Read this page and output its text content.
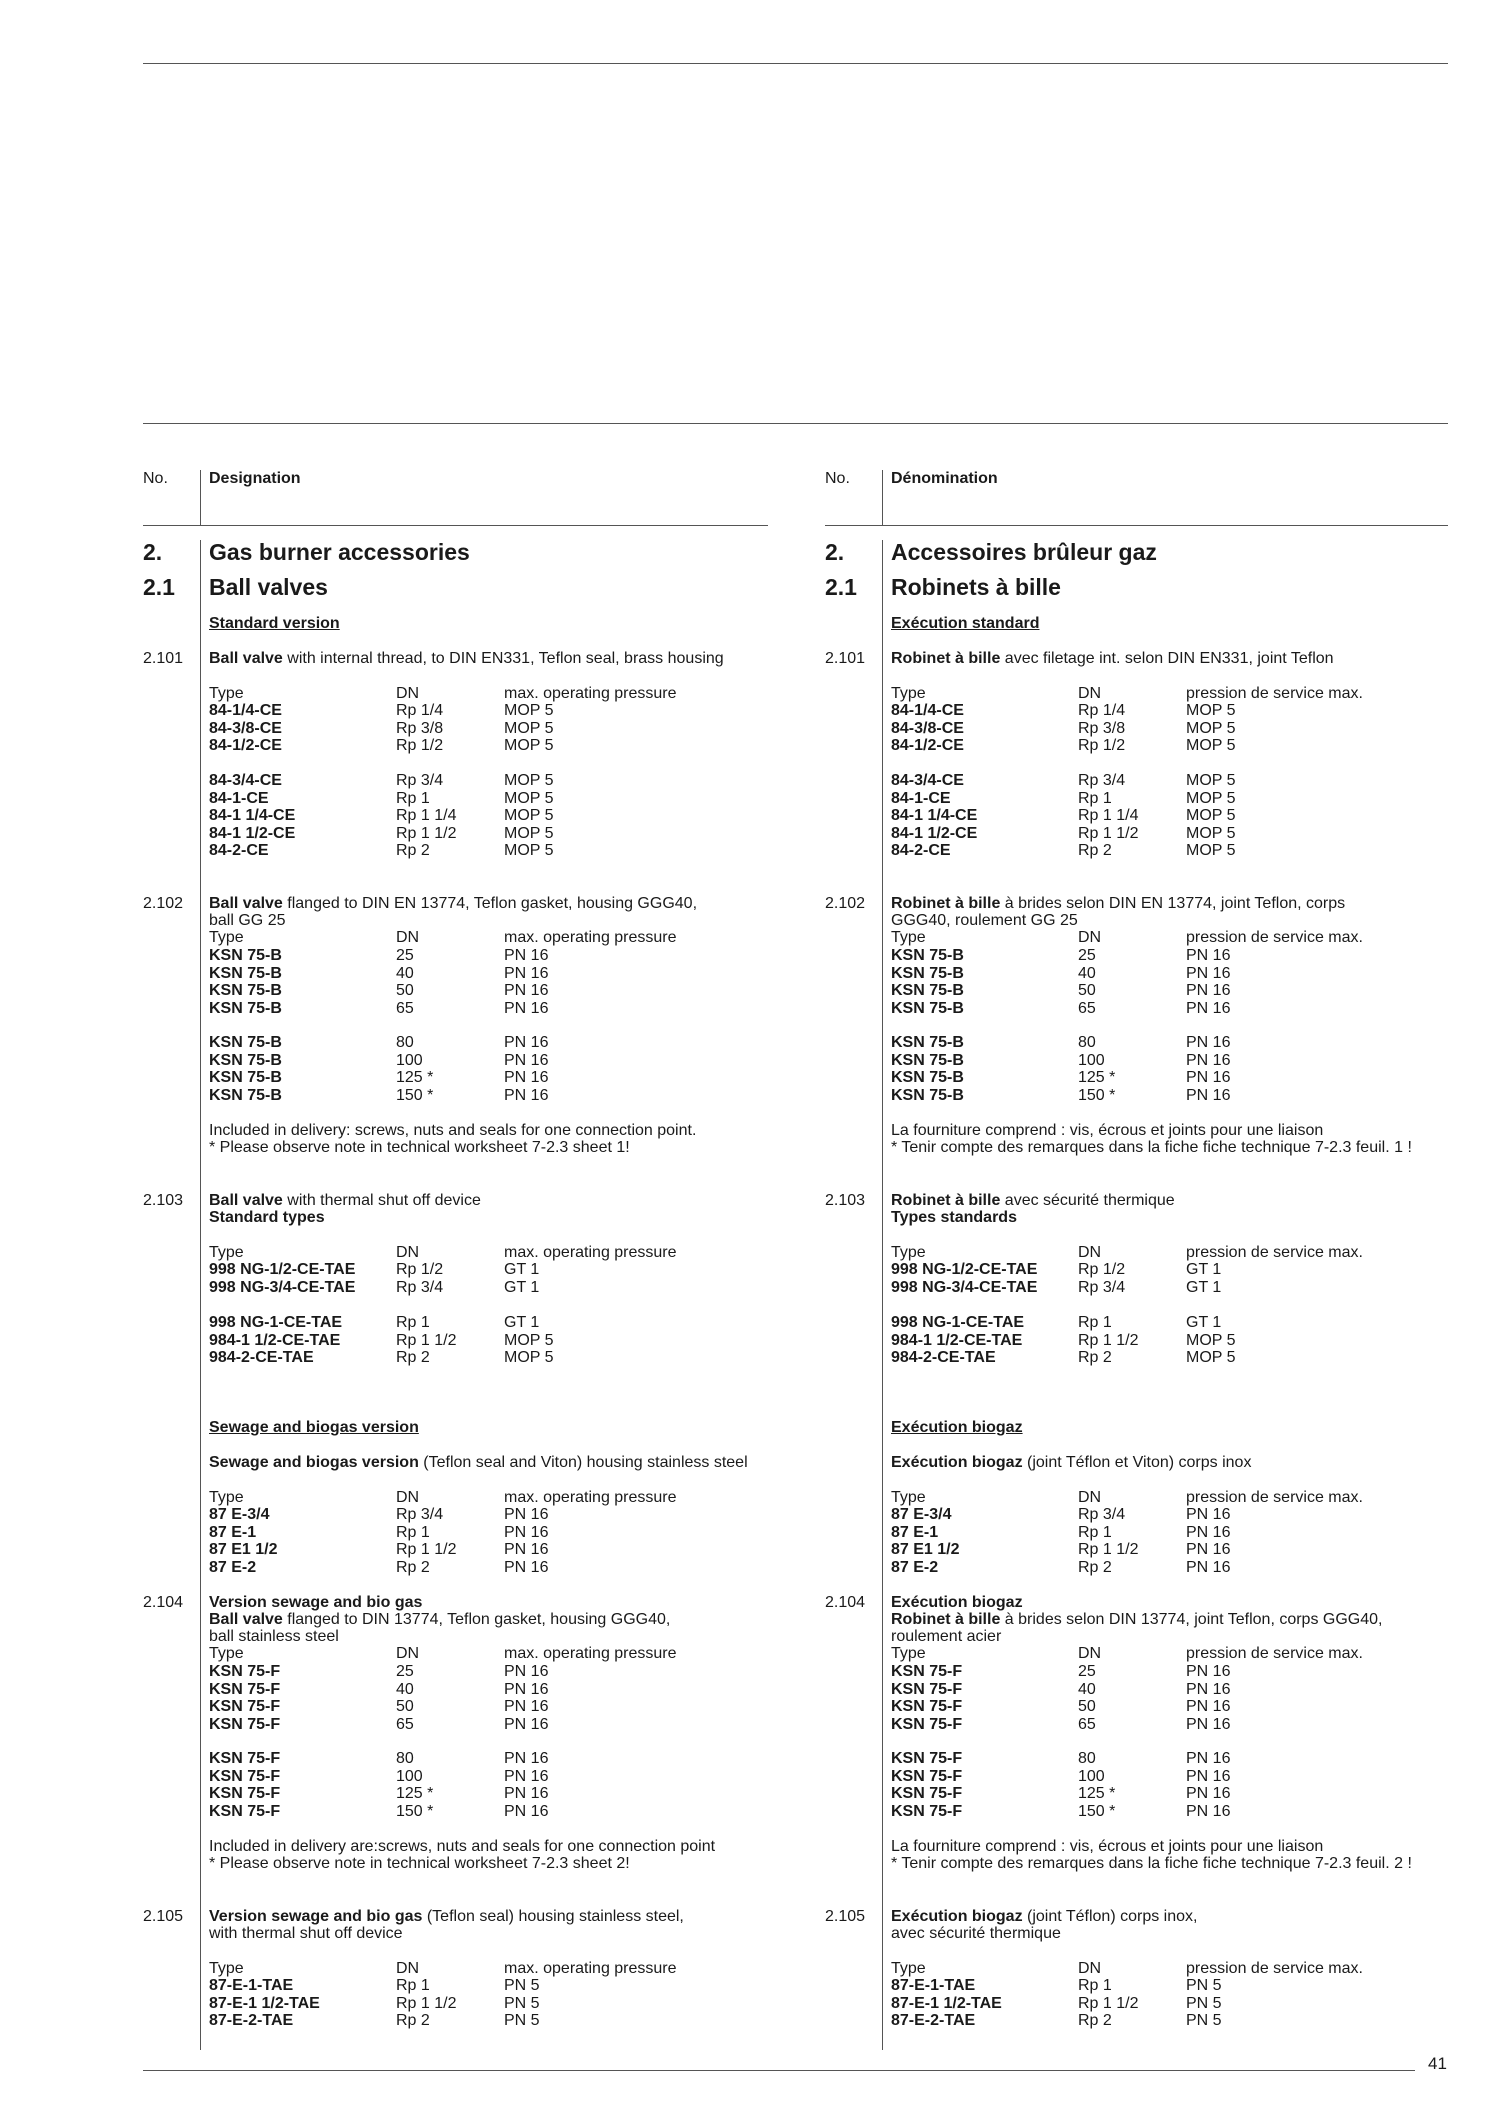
41
No.	Designation
2. Gas burner accessories
2.1 Ball valves
Standard version
2.101 Ball valve with internal thread, to DIN EN331, Teflon seal, brass housing
Type	DN	max. operating pressure
84-1/4-CE	Rp 1/4	MOP 5
84-3/8-CE	Rp 3/8	MOP 5
84-1/2-CE	Rp 1/2	MOP 5
84-3/4-CE	Rp 3/4	MOP 5
84-1-CE	Rp 1	MOP 5
84-1 1/4-CE	Rp 1 1/4	MOP 5
84-1 1/2-CE	Rp 1 1/2	MOP 5
84-2-CE	Rp 2	MOP 5
2.102 Ball valve flanged to DIN EN 13774, Teflon gasket, housing GGG40,
ball GG 25
Type	DN	max. operating pressure
KSN 75-B	25	PN 16
KSN 75-B	40	PN 16
KSN 75-B	50	PN 16
KSN 75-B	65	PN 16
KSN 75-B	80	PN 16
KSN 75-B	100	PN 16
KSN 75-B	125 *	PN 16
KSN 75-B	150 *	PN 16
Included in delivery: screws, nuts and seals for one connection point.
* Please observe note in technical worksheet 7-2.3 sheet 1!
2.103 Ball valve with thermal shut off device
Standard types
Type	DN	max. operating pressure
998 NG-1/2-CE-TAE	Rp 1/2	GT 1
998 NG-3/4-CE-TAE	Rp 3/4	GT 1
998 NG-1-CE-TAE	Rp 1	GT 1
984-1 1/2-CE-TAE	Rp 1 1/2	MOP 5
984-2-CE-TAE	Rp 2	MOP 5
Sewage and biogas version
Sewage and biogas version (Teflon seal and Viton) housing stainless steel
Type	DN	max. operating pressure
87 E-3/4	Rp 3/4	PN 16
87 E-1	Rp 1	PN 16
87 E1 1/2	Rp 1 1/2	PN 16
87 E-2	Rp 2	PN 16
2.104 Version sewage and bio gas
Ball valve flanged to DIN 13774, Teflon gasket, housing GGG40,
ball stainless steel
Type	DN	max. operating pressure
KSN 75-F	25	PN 16
KSN 75-F	40	PN 16
KSN 75-F	50	PN 16
KSN 75-F	65	PN 16
KSN 75-F	80	PN 16
KSN 75-F	100	PN 16
KSN 75-F	125 *	PN 16
KSN 75-F	150 *	PN 16
Included in delivery are:screws, nuts and seals for one connection point
* Please observe note in technical worksheet 7-2.3 sheet 2!
2.105 Version sewage and bio gas (Teflon seal) housing stainless steel,
with thermal shut off device
Type	DN	max. operating pressure
87-E-1-TAE	Rp 1	PN 5
87-E-1 1/2-TAE	Rp 1 1/2	PN 5
87-E-2-TAE	Rp 2	PN 5
No.	Dénomination
2. Accessoires brûleur gaz
2.1 Robinets à bille
Exécution standard
2.101 Robinet à bille avec filetage int. selon DIN EN331, joint Teflon
Type	DN	pression de service max.
84-1/4-CE	Rp 1/4	MOP 5
84-3/8-CE	Rp 3/8	MOP 5
84-1/2-CE	Rp 1/2	MOP 5
84-3/4-CE	Rp 3/4	MOP 5
84-1-CE	Rp 1	MOP 5
84-1 1/4-CE	Rp 1 1/4	MOP 5
84-1 1/2-CE	Rp 1 1/2	MOP 5
84-2-CE	Rp 2	MOP 5
2.102 Robinet à bille à brides selon DIN EN 13774, joint Teflon, corps
GGG40, roulement GG 25
Type	DN	pression de service max.
KSN 75-B	25	PN 16
KSN 75-B	40	PN 16
KSN 75-B	50	PN 16
KSN 75-B	65	PN 16
KSN 75-B	80	PN 16
KSN 75-B	100	PN 16
KSN 75-B	125 *	PN 16
KSN 75-B	150 *	PN 16
La fourniture comprend : vis, écrous et joints pour une liaison
* Tenir compte des remarques dans la fiche fiche technique 7-2.3 feuil. 1 !
2.103 Robinet à bille avec sécurité thermique
Types standards
Type	DN	pression de service max.
998 NG-1/2-CE-TAE	Rp 1/2	GT 1
998 NG-3/4-CE-TAE	Rp 3/4	GT 1
998 NG-1-CE-TAE	Rp 1	GT 1
984-1 1/2-CE-TAE	Rp 1 1/2	MOP 5
984-2-CE-TAE	Rp 2	MOP 5
Exécution biogaz
Exécution biogaz (joint Téflon et Viton) corps inox
Type	DN	pression de service max.
87 E-3/4	Rp 3/4	PN 16
87 E-1	Rp 1	PN 16
87 E1 1/2	Rp 1 1/2	PN 16
87 E-2	Rp 2	PN 16
2.104 Exécution biogaz
Robinet à bille à brides selon DIN 13774, joint Teflon, corps GGG40,
roulement acier
Type	DN	pression de service max.
KSN 75-F	25	PN 16
KSN 75-F	40	PN 16
KSN 75-F	50	PN 16
KSN 75-F	65	PN 16
KSN 75-F	80	PN 16
KSN 75-F	100	PN 16
KSN 75-F	125 *	PN 16
KSN 75-F	150 *	PN 16
La fourniture comprend : vis, écrous et joints pour une liaison
* Tenir compte des remarques dans la fiche fiche technique 7-2.3 feuil. 2 !
2.105 Exécution biogaz (joint Téflon) corps inox,
avec sécurité thermique
Type	DN	pression de service max.
87-E-1-TAE	Rp 1	PN 5
87-E-1 1/2-TAE	Rp 1 1/2	PN 5
87-E-2-TAE	Rp 2	PN 5
